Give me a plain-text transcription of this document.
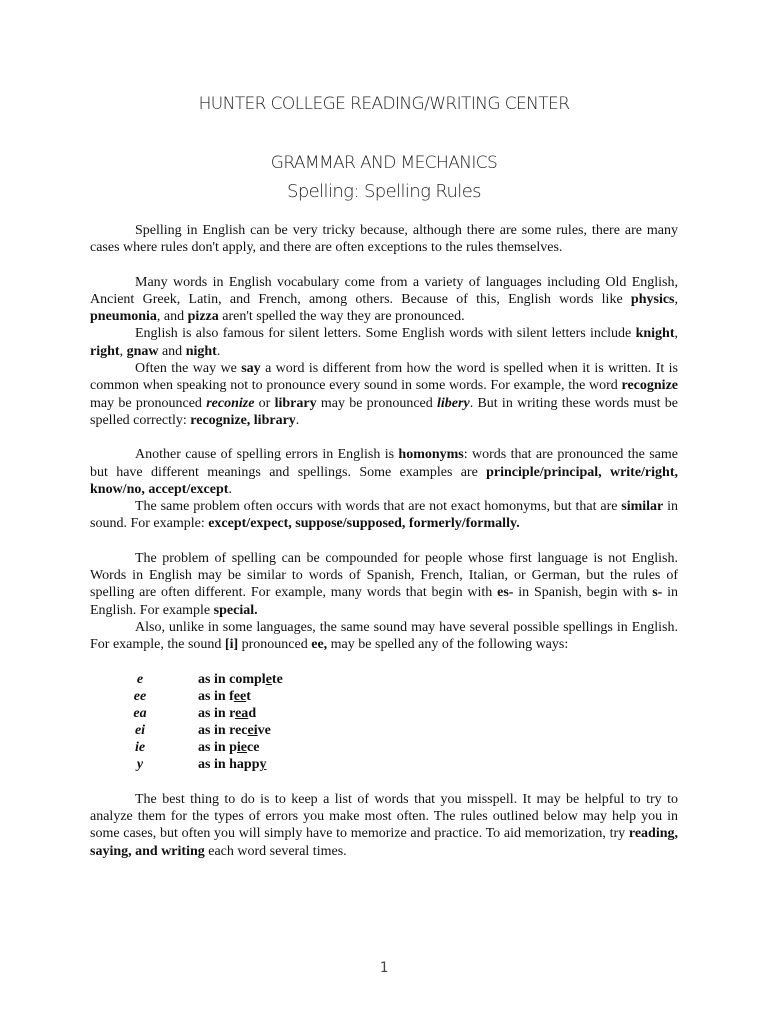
HUNTER COLLEGE READING/WRITING CENTER
GRAMMAR AND MECHANICS
Spelling: Spelling Rules

Spelling in English can be very tricky because, although there are some rules, there are many cases where rules don't apply, and there are often exceptions to the rules themselves.

Many words in English vocabulary come from a variety of languages including Old English, Ancient Greek, Latin, and French, among others. Because of this, English words like physics, pneumonia, and pizza aren't spelled the way they are pronounced.

English is also famous for silent letters. Some English words with silent letters include knight, right, gnaw and night.

Often the way we say a word is different from how the word is spelled when it is written. It is common when speaking not to pronounce every sound in some words. For example, the word recognize may be pronounced reconize or library may be pronounced libery. But in writing these words must be spelled correctly: recognize, library.

Another cause of spelling errors in English is homonyms: words that are pronounced the same but have different meanings and spellings. Some examples are principle/principal, write/right, know/no, accept/except.

The same problem often occurs with words that are not exact homonyms, but that are similar in sound. For example: except/expect, suppose/supposed, formerly/formally.

The problem of spelling can be compounded for people whose first language is not English. Words in English may be similar to words of Spanish, French, Italian, or German, but the rules of spelling are often different. For example, many words that begin with es- in Spanish, begin with s- in English. For example special.

Also, unlike in some languages, the same sound may have several possible spellings in English. For example, the sound [i] pronounced ee, may be spelled any of the following ways:

e	as in complete
ee	as in feet
ea	as in read
ei	as in receive
ie	as in piece
y	as in happy

The best thing to do is to keep a list of words that you misspell. It may be helpful to try to analyze them for the types of errors you make most often. The rules outlined below may help you in some cases, but often you will simply have to memorize and practice. To aid memorization, try reading, saying, and writing each word several times.

1
